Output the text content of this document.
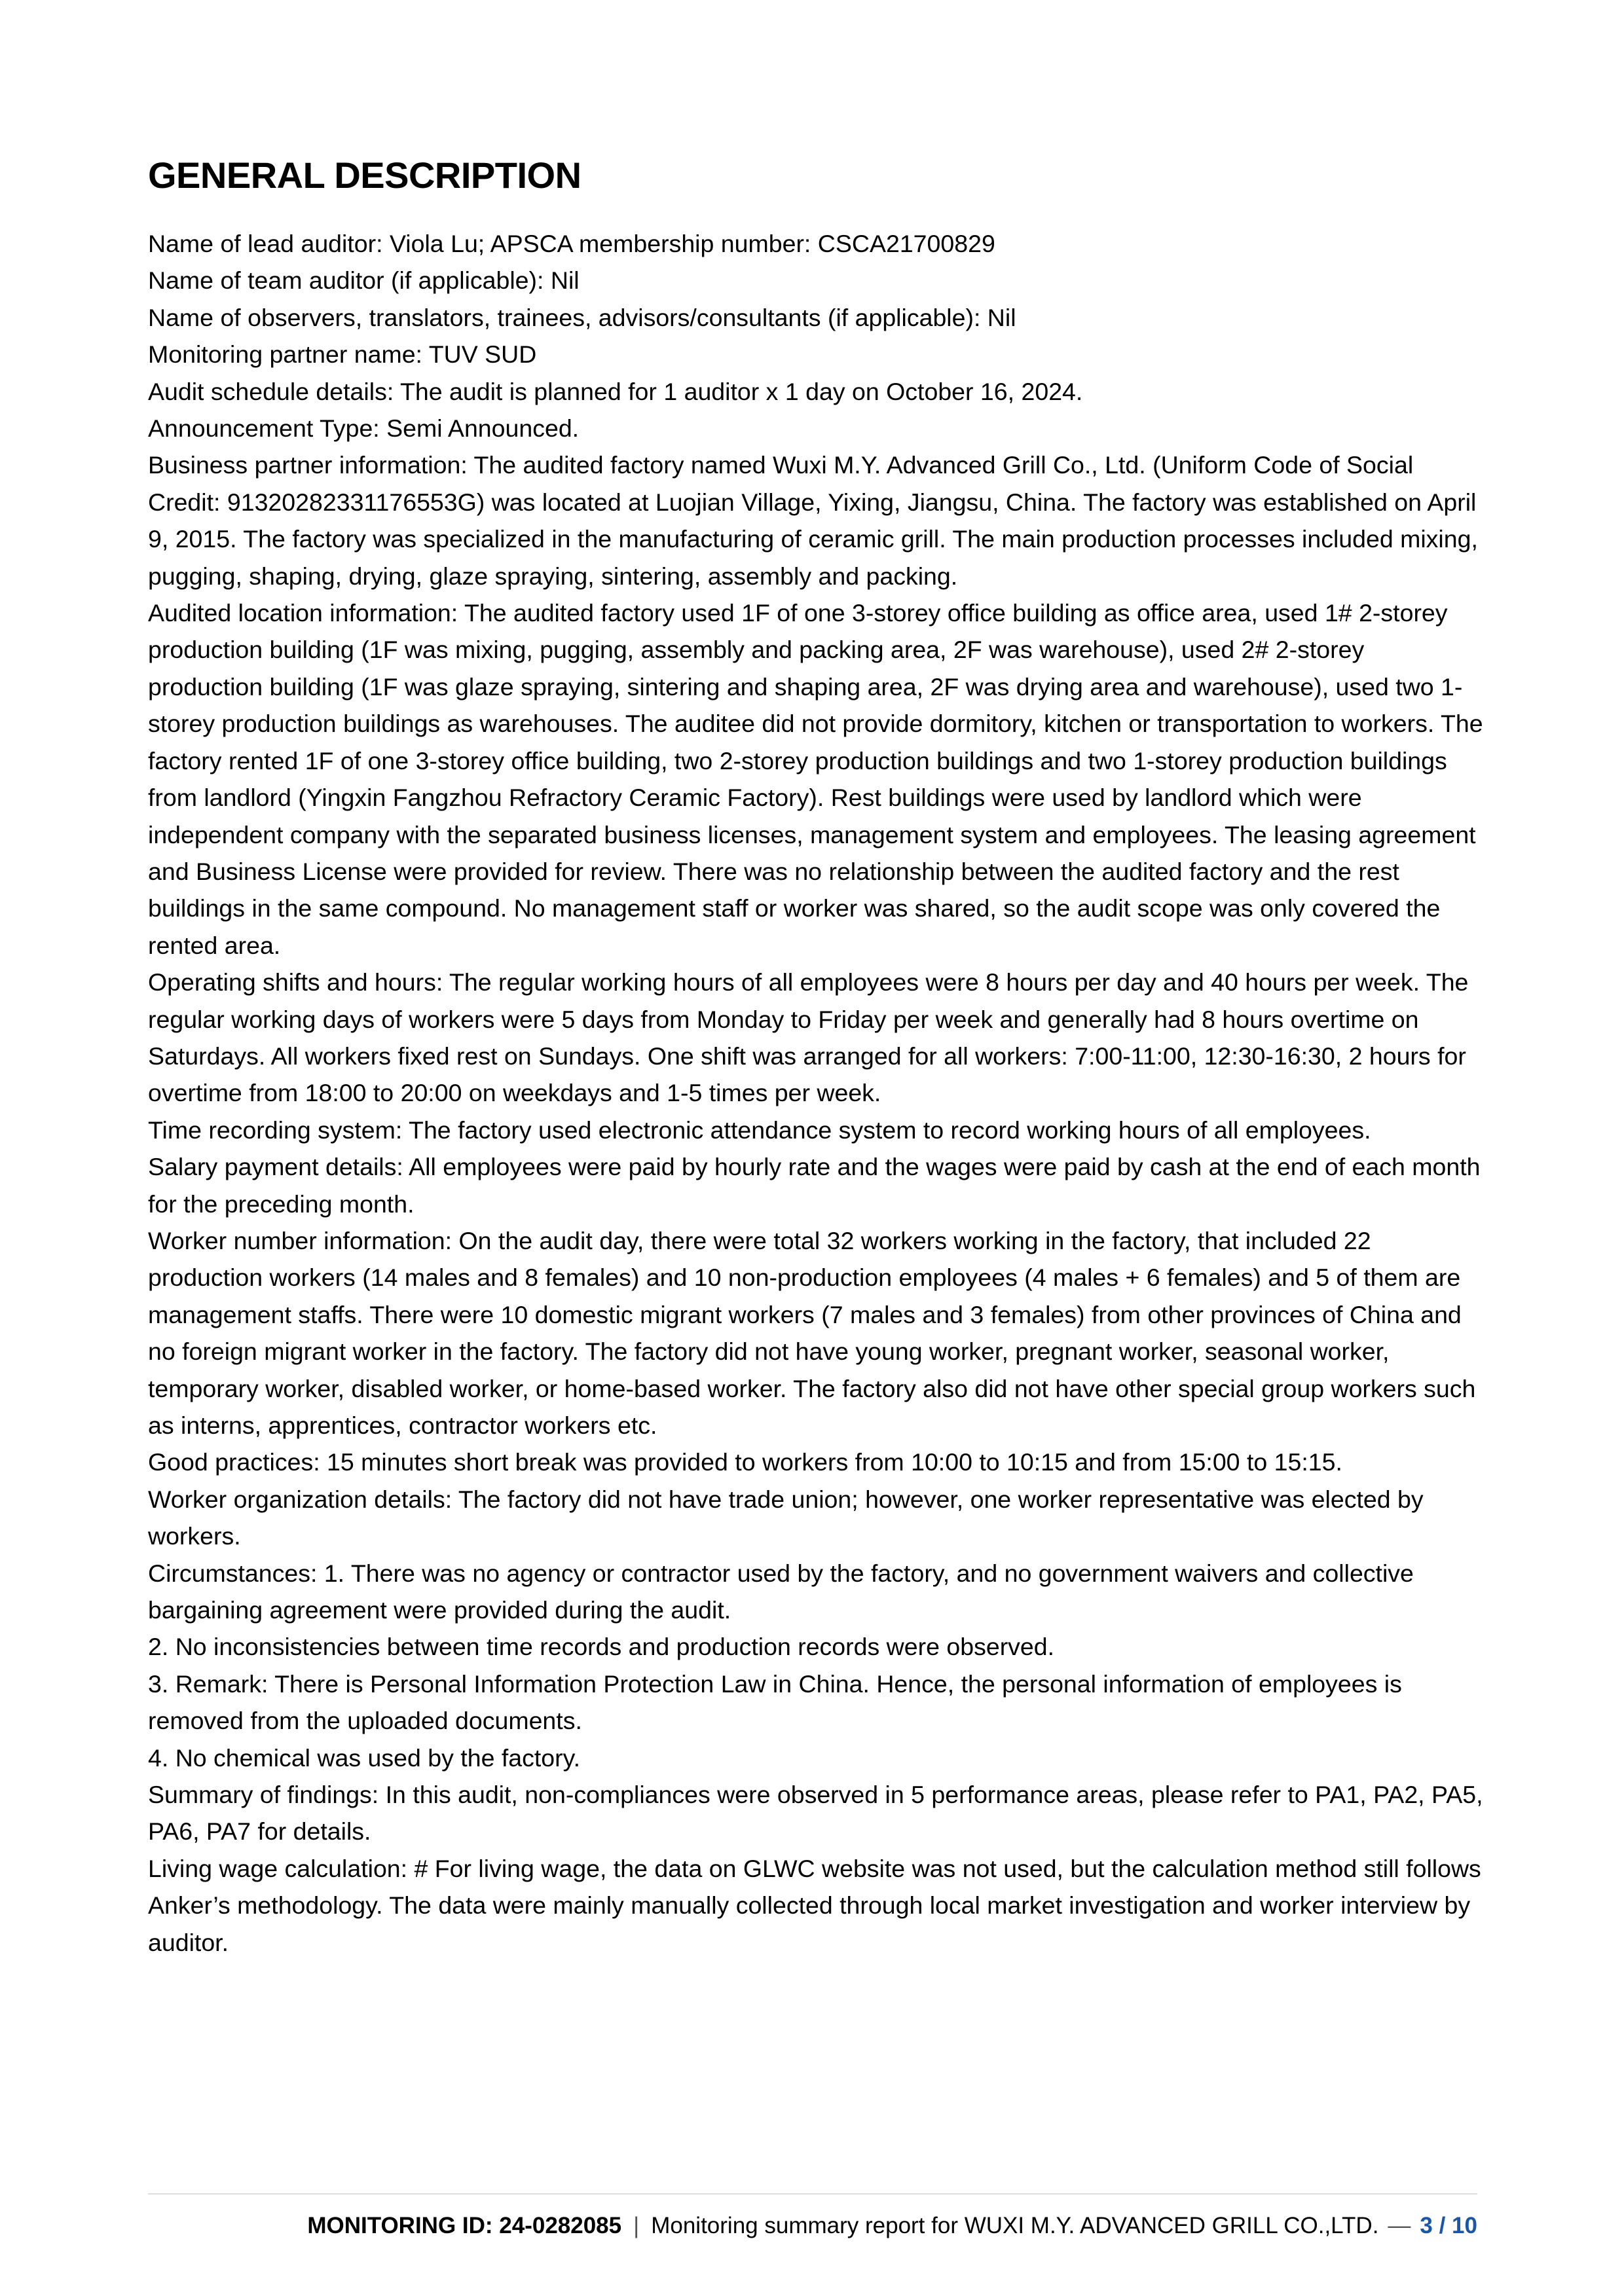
GENERAL DESCRIPTION

Name of lead auditor: Viola Lu; APSCA membership number: CSCA21700829

Name of team auditor (if applicable): Nil

Name of observers, translators, trainees, advisors/consultants (if applicable): Nil

Monitoring partner name: TUV SUD

Audit schedule details: The audit is planned for 1 auditor x 1 day on October 16, 2024.

Announcement Type: Semi Announced.

Business partner information: The audited factory named Wuxi M.Y. Advanced Grill Co., Ltd. (Uniform Code of Social Credit: 91320282331176553G) was located at Luojian Village, Yixing, Jiangsu, China. The factory was established on April 9, 2015. The factory was specialized in the manufacturing of ceramic grill. The main production processes included mixing, pugging, shaping, drying, glaze spraying, sintering, assembly and packing.

Audited location information: The audited factory used 1F of one 3-storey office building as office area, used 1# 2-storey production building (1F was mixing, pugging, assembly and packing area, 2F was warehouse), used 2# 2-storey production building (1F was glaze spraying, sintering and shaping area, 2F was drying area and warehouse), used two 1-storey production buildings as warehouses. The auditee did not provide dormitory, kitchen or transportation to workers. The factory rented 1F of one 3-storey office building, two 2-storey production buildings and two 1-storey production buildings from landlord (Yingxin Fangzhou Refractory Ceramic Factory). Rest buildings were used by landlord which were independent company with the separated business licenses, management system and employees. The leasing agreement and Business License were provided for review. There was no relationship between the audited factory and the rest buildings in the same compound. No management staff or worker was shared, so the audit scope was only covered the rented area.

Operating shifts and hours: The regular working hours of all employees were 8 hours per day and 40 hours per week. The regular working days of workers were 5 days from Monday to Friday per week and generally had 8 hours overtime on Saturdays. All workers fixed rest on Sundays. One shift was arranged for all workers: 7:00-11:00, 12:30-16:30, 2 hours for overtime from 18:00 to 20:00 on weekdays and 1-5 times per week.

Time recording system: The factory used electronic attendance system to record working hours of all employees.

Salary payment details: All employees were paid by hourly rate and the wages were paid by cash at the end of each month for the preceding month.

Worker number information: On the audit day, there were total 32 workers working in the factory, that included 22 production workers (14 males and 8 females) and 10 non-production employees (4 males + 6 females) and 5 of them are management staffs. There were 10 domestic migrant workers (7 males and 3 females) from other provinces of China and no foreign migrant worker in the factory. The factory did not have young worker, pregnant worker, seasonal worker, temporary worker, disabled worker, or home-based worker. The factory also did not have other special group workers such as interns, apprentices, contractor workers etc.

Good practices: 15 minutes short break was provided to workers from 10:00 to 10:15 and from 15:00 to 15:15.

Worker organization details: The factory did not have trade union; however, one worker representative was elected by workers.

Circumstances: 1. There was no agency or contractor used by the factory, and no government waivers and collective bargaining agreement were provided during the audit.

2. No inconsistencies between time records and production records were observed.

3. Remark: There is Personal Information Protection Law in China. Hence, the personal information of employees is removed from the uploaded documents.

4. No chemical was used by the factory.

Summary of findings: In this audit, non-compliances were observed in 5 performance areas, please refer to PA1, PA2, PA5, PA6, PA7 for details.

Living wage calculation: # For living wage, the data on GLWC website was not used, but the calculation method still follows Anker’s methodology. The data were mainly manually collected through local market investigation and worker interview by auditor.

MONITORING ID: 24-0282085 | Monitoring summary report for WUXI M.Y. ADVANCED GRILL CO.,LTD. — 3 / 10
